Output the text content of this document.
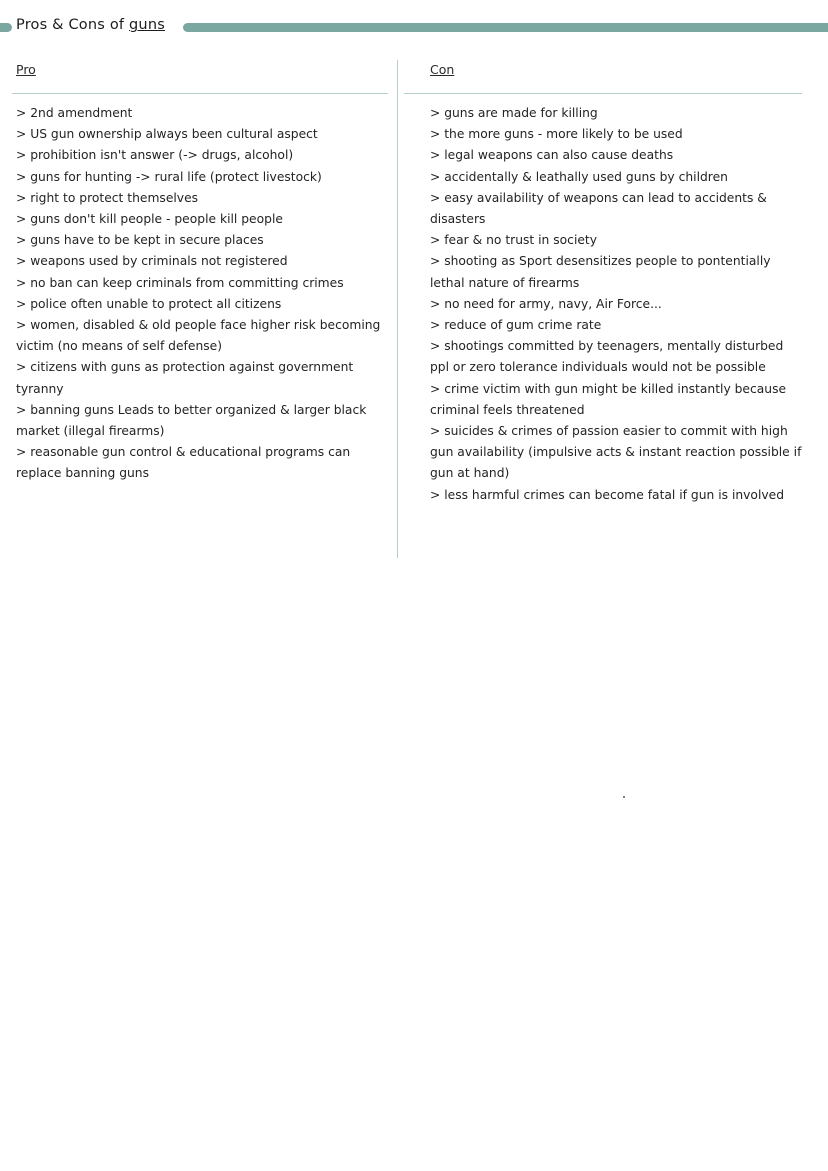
Pros & Cons of guns
Pro	Con
> 2nd amendment
> US gun ownership always been cultural aspect
> prohibition isn't answer (-> drugs, alcohol)
> guns for hunting -> rural life (protect livestock)
> right to protect themselves
> guns don't kill people - people kill people
> guns have to be kept in secure places
> weapons used by criminals not registered
> no ban can keep criminals from committing crimes
> police often unable to protect all citizens
> women, disabled & old people face higher risk becoming victim (no means of self defense)
> citizens with guns as protection against government tyranny
> banning guns Leads to better organized & larger black market (illegal firearms)
> reasonable gun control & educational programs can replace banning guns
> guns are made for killing
> the more guns - more likely to be used
> legal weapons can also cause deaths
> accidentally & leathally used guns by children
> easy availability of weapons can lead to accidents & disasters
> fear & no trust in society
> shooting as Sport desensitizes people to pontentially lethal nature of firearms
> no need for army, navy, Air Force...
> reduce of gum crime rate
> shootings committed by teenagers, mentally disturbed ppl or zero tolerance individuals would not be possible
> crime victim with gun might be killed instantly because criminal feels threatened
> suicides & crimes of passion easier to commit with high gun availability (impulsive acts & instant reaction possible if gun at hand)
> less harmful crimes can become fatal if gun is involved
